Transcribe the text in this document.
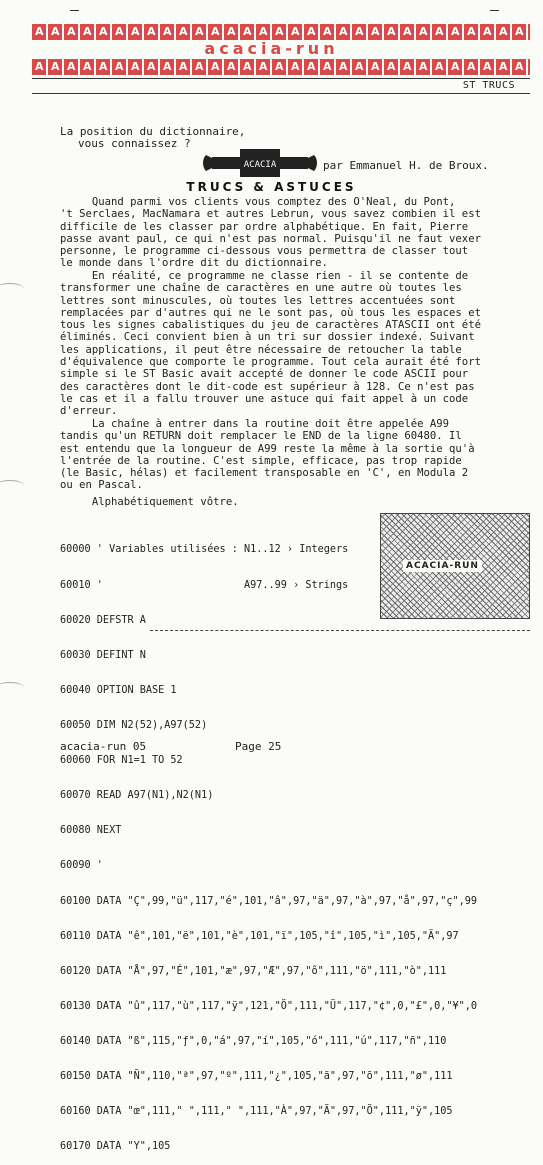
A A A A A A A A A A A A A A A A A A A A A A A A A A A A A A A A
acacia-run
A A A A A A A A A A A A A A A A A A A A A A A A A A A A A A A A
ST TRUCS
La position du dictionnaire,
vous connaissez ?
ACACIA	par Emmanuel H. de Broux.
TRUCS & ASTUCES
Quand parmi vos clients vous comptez des O'Neal, du Pont,
't Serclaes, MacNamara et autres Lebrun, vous savez combien il est
difficile de les classer par ordre alphabétique. En fait, Pierre
passe avant paul, ce qui n'est pas normal. Puisqu'il ne faut vexer
personne, le programme ci-dessous vous permettra de classer tout
le monde dans l'ordre dit du dictionnaire.
En réalité, ce programme ne classe rien - il se contente de
transformer une chaîne de caractères en une autre où toutes les
lettres sont minuscules, où toutes les lettres accentuées sont
remplacées par d'autres qui ne le sont pas, où tous les espaces et
tous les signes cabalistiques du jeu de caractères ATASCII ont été
éliminés. Ceci convient bien à un tri sur dossier indexé. Suivant
les applications, il peut être nécessaire de retoucher la table
d'équivalence que comporte le programme. Tout cela aurait été fort
simple si le ST Basic avait accepté de donner le code ASCII pour
des caractères dont le dit-code est supérieur à 128. Ce n'est pas
le cas et il a fallu trouver une astuce qui fait appel à un code
d'erreur.
La chaîne à entrer dans la routine doit être appelée A99
tandis qu'un RETURN doit remplacer le END de la ligne 60480. Il
est entendu que la longueur de A99 reste la même à la sortie qu'à
l'entrée de la routine. C'est simple, efficace, pas trop rapide
(le Basic, hélas) et facilement transposable en 'C', en Modula 2
ou en Pascal.
Alphabétiquement vôtre.

60000 ' Variables utilisées : N1..12 › Integers

60010 '                       A97..99 › Strings

60020 DEFSTR A

60030 DEFINT N

60040 OPTION BASE 1

60050 DIM N2(52),A97(52)

60060 FOR N1=1 TO 52

60070 READ A97(N1),N2(N1)

60080 NEXT

60090 '

60100 DATA "Ç",99,"ü",117,"é",101,"â",97,"ä",97,"à",97,"å",97,"ç",99

60110 DATA "ê",101,"ë",101,"è",101,"ï",105,"î",105,"ì",105,"Ä",97

60120 DATA "Å",97,"É",101,"æ",97,"Æ",97,"ô",111,"ö",111,"ò",111

60130 DATA "û",117,"ù",117,"ÿ",121,"Ö",111,"Ü",117,"¢",0,"£",0,"¥",0

60140 DATA "ß",115,"ƒ",0,"á",97,"í",105,"ó",111,"ú",117,"ñ",110

60150 DATA "Ñ",110,"ª",97,"º",111,"¿",105,"ã",97,"õ",111,"ø",111

60160 DATA "œ",111," ",111," ",111,"À",97,"Ã",97,"Õ",111,"ÿ",105

60170 DATA "Y",105

ACACIA-RUN
acacia-run 05	Page 25
